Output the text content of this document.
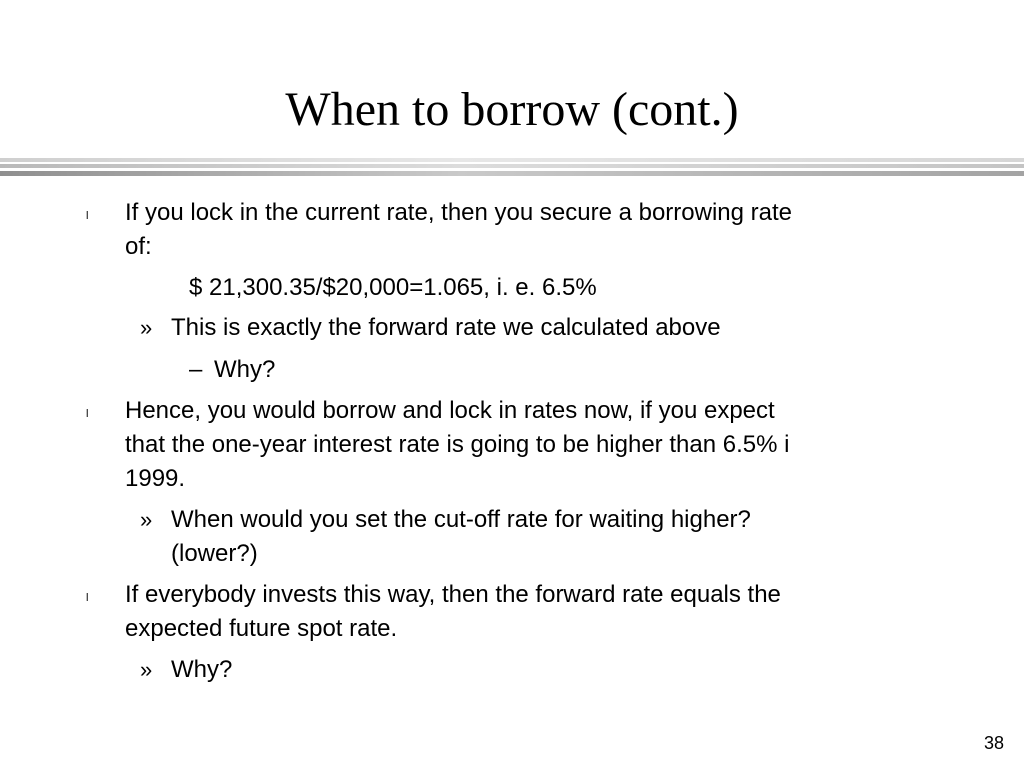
When to borrow (cont.)
l If you lock in the current rate, then you secure a borrowing rate
of:
$ 21,300.35/$20,000=1.065, i. e. 6.5%
» This is exactly the forward rate we calculated above
– Why?
l Hence, you would borrow and lock in rates now, if you expect
that the one-year interest rate is going to be higher than 6.5% i
1999.
» When would you set the cut-off rate for waiting higher?
(lower?)
l If everybody invests this way, then the forward rate equals the
expected future spot rate.
» Why?
38
